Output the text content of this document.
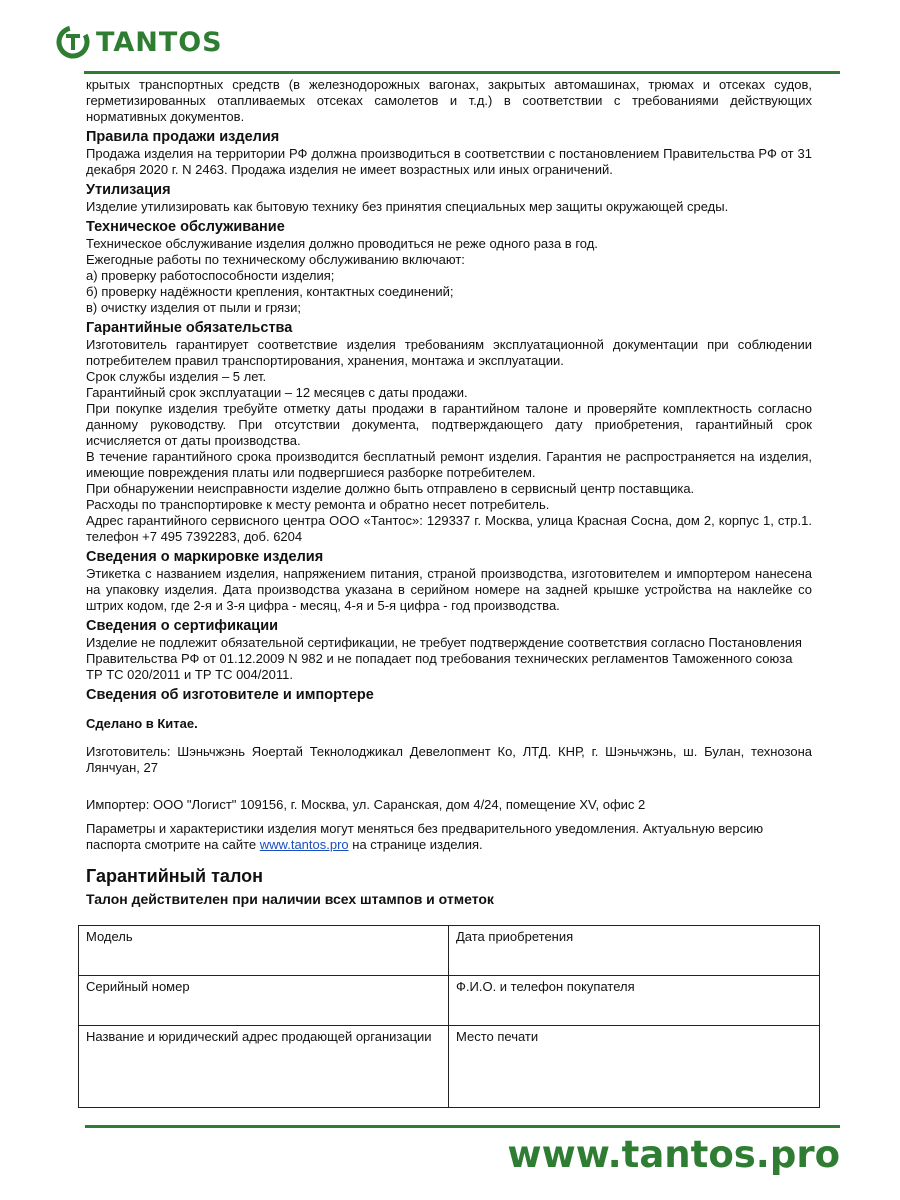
TANTOS

крытых транспортных средств (в железнодорожных вагонах, закрытых автомашинах, трюмах и отсеках судов, герметизированных отапливаемых отсеках самолетов и т.д.) в соответствии с требованиями действующих нормативных документов.

Правила продажи изделия

Продажа изделия на территории РФ должна производиться в соответствии с постановлением Правительства РФ от 31 декабря 2020 г. N 2463. Продажа изделия не имеет возрастных или иных ограничений.

Утилизация

Изделие утилизировать как бытовую технику без принятия специальных мер защиты окружающей среды.

Техническое обслуживание

Техническое обслуживание изделия должно проводиться не реже одного раза в год.

Ежегодные работы по техническому обслуживанию включают:

а) проверку работоспособности изделия;

б) проверку надёжности крепления, контактных соединений;

в) очистку изделия от пыли и грязи;

Гарантийные обязательства

Изготовитель гарантирует соответствие изделия требованиям эксплуатационной документации при соблюдении потребителем правил транспортирования, хранения, монтажа и эксплуатации.

Срок службы изделия – 5 лет.

Гарантийный срок эксплуатации – 12 месяцев с даты продажи.

При покупке изделия требуйте отметку даты продажи в гарантийном талоне и проверяйте комплектность согласно данному руководству. При отсутствии документа, подтверждающего дату приобретения, гарантийный срок исчисляется от даты производства.

В течение гарантийного срока производится бесплатный ремонт изделия. Гарантия не распространяется на изделия, имеющие повреждения платы или подвергшиеся разборке потребителем.

При обнаружении неисправности изделие должно быть отправлено в сервисный центр поставщика.

Расходы по транспортировке к месту ремонта и обратно несет потребитель.

Адрес гарантийного сервисного центра ООО «Тантос»: 129337 г. Москва, улица Красная Сосна, дом 2, корпус 1, стр.1. телефон +7 495 7392283, доб. 6204

Сведения о маркировке изделия

Этикетка с названием изделия, напряжением питания, страной производства, изготовителем и импортером нанесена на упаковку изделия. Дата производства указана в серийном номере на задней крышке устройства на наклейке со штрих кодом, где 2-я и 3-я цифра - месяц, 4-я и 5-я цифра - год производства.

Сведения о сертификации

Изделие не подлежит обязательной сертификации, не требует подтверждение соответствия согласно Постановления Правительства РФ от 01.12.2009 N 982 и не попадает под требования технических регламентов Таможенного союза ТР ТС 020/2011 и ТР ТС 004/2011.

Сведения об изготовителе и импортере

Сделано в Китае.

Изготовитель: Шэньчжэнь Яоертай Текнолоджикал Девелопмент Ко, ЛТД. КНР, г. Шэньчжэнь, ш. Булан, технозона Лянчуан, 27

Импортер: ООО "Логист" 109156, г. Москва, ул. Саранская, дом 4/24, помещение XV, офис 2

Параметры и характеристики изделия могут меняться без предварительного уведомления. Актуальную версию паспорта смотрите на сайте www.tantos.pro на странице изделия.

Гарантийный талон
Талон действителен при наличии всех штампов и отметок
Модель	Дата приобретения
Серийный номер	Ф.И.О. и телефон покупателя
Название и юридический адрес продающей организации	Место печати
www.tantos.pro
